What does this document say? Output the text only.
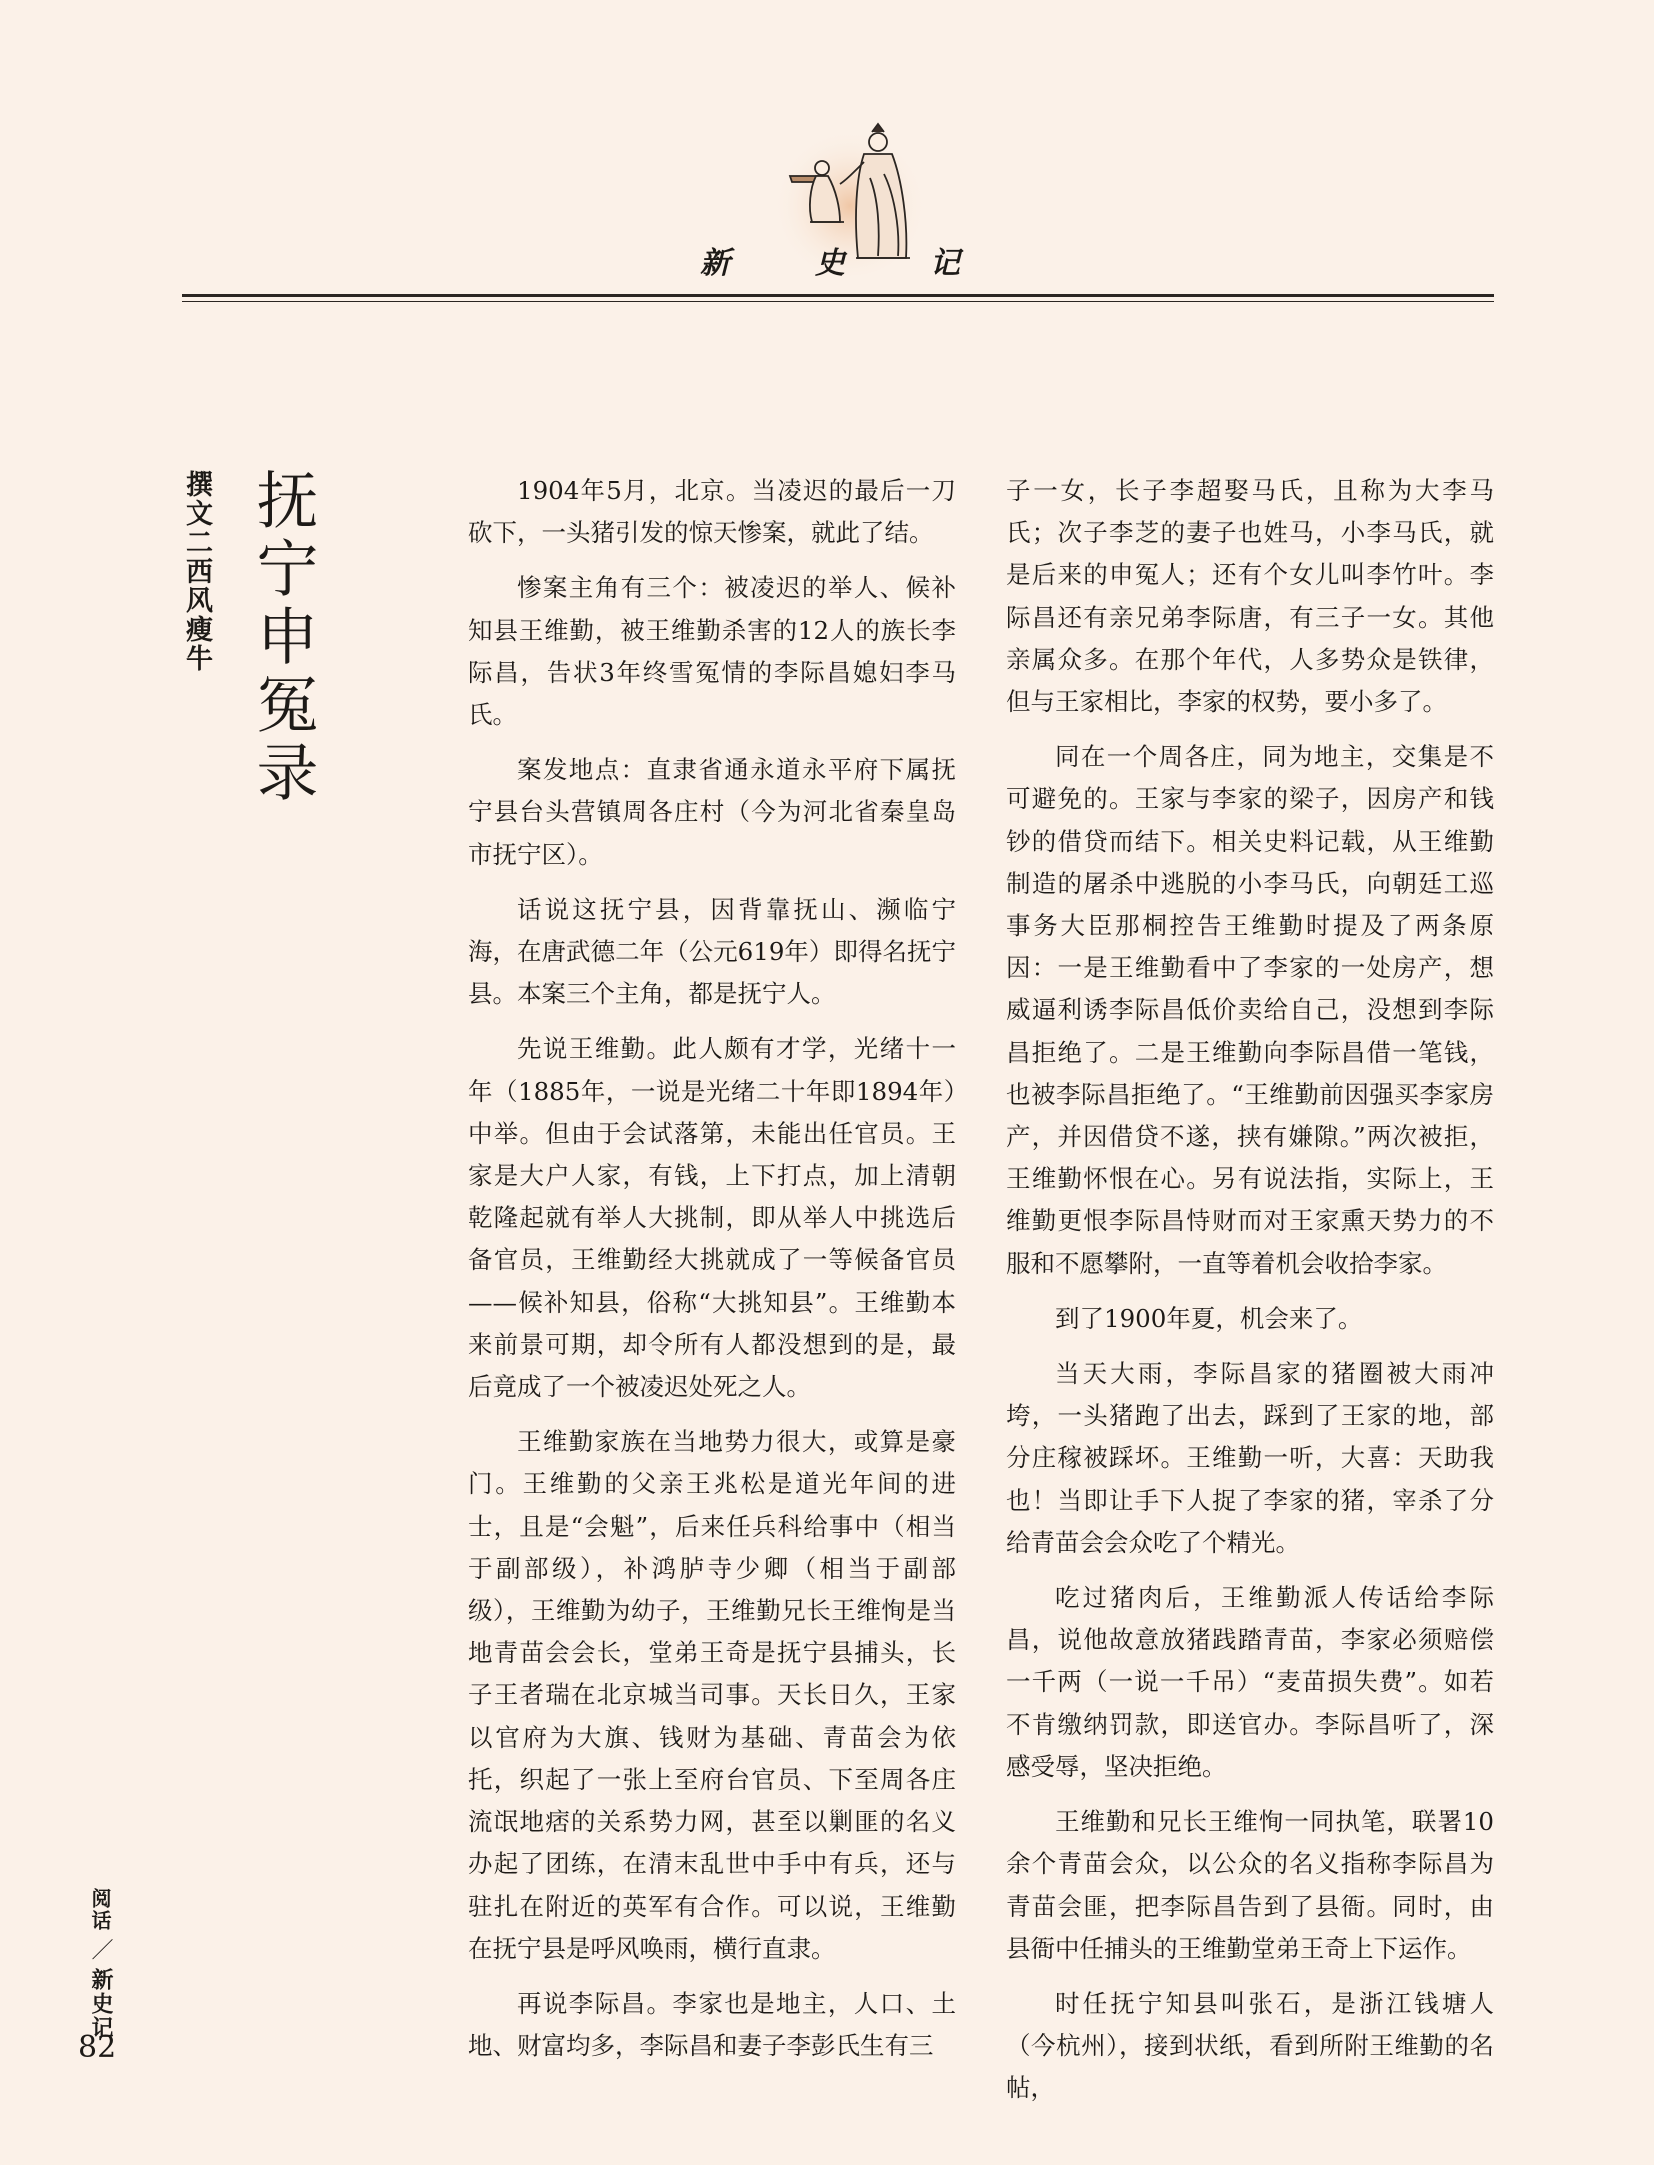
新	史	记
撰文二西风瘦牛 抚宁申冤录	1904年5月，北京。当凌迟的最后一刀砍下，一头猪引发的惊天惨案，就此了结。

惨案主角有三个：被凌迟的举人、候补知县王维勤，被王维勤杀害的12人的族长李际昌，告状3年终雪冤情的李际昌媳妇李马氏。

案发地点：直隶省通永道永平府下属抚宁县台头营镇周各庄村（今为河北省秦皇岛市抚宁区）。

话说这抚宁县，因背靠抚山、濒临宁海，在唐武德二年（公元619年）即得名抚宁县。本案三个主角，都是抚宁人。

先说王维勤。此人颇有才学，光绪十一年（1885年，一说是光绪二十年即1894年）中举。但由于会试落第，未能出任官员。王家是大户人家，有钱，上下打点，加上清朝乾隆起就有举人大挑制，即从举人中挑选后备官员，王维勤经大挑就成了一等候备官员——候补知县，俗称“大挑知县”。王维勤本来前景可期，却令所有人都没想到的是，最后竟成了一个被凌迟处死之人。

王维勤家族在当地势力很大，或算是豪门。王维勤的父亲王兆松是道光年间的进士，且是“会魁”，后来任兵科给事中（相当于副部级），补鸿胪寺少卿（相当于副部级），王维勤为幼子，王维勤兄长王维恂是当地青苗会会长，堂弟王奇是抚宁县捕头，长子王者瑞在北京城当司事。天长日久，王家以官府为大旗、钱财为基础、青苗会为依托，织起了一张上至府台官员、下至周各庄流氓地痞的关系势力网，甚至以剿匪的名义办起了团练，在清末乱世中手中有兵，还与驻扎在附近的英军有合作。可以说，王维勤在抚宁县是呼风唤雨，横行直隶。

再说李际昌。李家也是地主，人口、土地、财富均多，李际昌和妻子李彭氏生有三

子一女，长子李超娶马氏，且称为大李马氏；次子李芝的妻子也姓马，小李马氏，就是后来的申冤人；还有个女儿叫李竹叶。李际昌还有亲兄弟李际唐，有三子一女。其他亲属众多。在那个年代，人多势众是铁律，但与王家相比，李家的权势，要小多了。

同在一个周各庄，同为地主，交集是不可避免的。王家与李家的梁子，因房产和钱钞的借贷而结下。相关史料记载，从王维勤制造的屠杀中逃脱的小李马氏，向朝廷工巡事务大臣那桐控告王维勤时提及了两条原因：一是王维勤看中了李家的一处房产，想威逼利诱李际昌低价卖给自己，没想到李际昌拒绝了。二是王维勤向李际昌借一笔钱，也被李际昌拒绝了。“王维勤前因强买李家房产，并因借贷不遂，挟有嫌隙。”两次被拒，王维勤怀恨在心。另有说法指，实际上，王维勤更恨李际昌恃财而对王家熏天势力的不服和不愿攀附，一直等着机会收拾李家。

到了1900年夏，机会来了。

当天大雨，李际昌家的猪圈被大雨冲垮，一头猪跑了出去，踩到了王家的地，部分庄稼被踩坏。王维勤一听，大喜：天助我也！当即让手下人捉了李家的猪，宰杀了分给青苗会会众吃了个精光。

吃过猪肉后，王维勤派人传话给李际昌，说他故意放猪践踏青苗，李家必须赔偿一千两（一说一千吊）“麦苗损失费”。如若不肯缴纳罚款，即送官办。李际昌听了，深感受辱，坚决拒绝。

王维勤和兄长王维恂一同执笔，联署10余个青苗会众，以公众的名义指称李际昌为青苗会匪，把李际昌告到了县衙。同时，由县衙中任捕头的王维勤堂弟王奇上下运作。

时任抚宁知县叫张石，是浙江钱塘人（今杭州），接到状纸，看到所附王维勤的名帖，

阅话／新史记
82
